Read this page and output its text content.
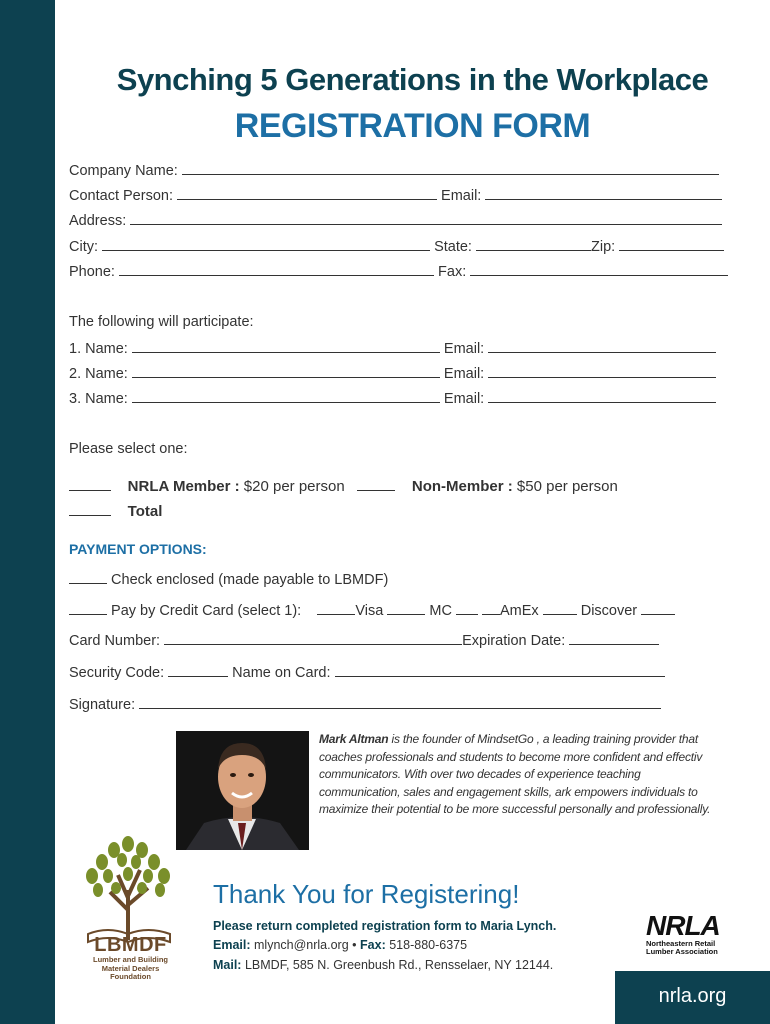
Synching 5 Generations in the Workplace
REGISTRATION FORM
Company Name:
Contact Person:	Email:
Address:
City:	State:	Zip:
Phone:	Fax:
The following will participate:
1. Name:	Email:
2. Name:	Email:
3. Name:	Email:
Please select one:
NRLA Member : $20 per person	Non-Member : $50 per person
Total
PAYMENT OPTIONS:
Check enclosed (made payable to LBMDF)
Pay by Credit Card (select 1):	Visa	MC	AmEx	Discover
Card Number:	Expiration Date:
Security Code:	Name on Card:
Signature:
Mark Altman is the founder of MindsetGo , a leading training provider that coaches professionals and students to become more confident and effectiv communicators. With over two decades of experience teaching communication, sales and engagement skills, ark empowers individuals to maximize their potential to be more successful personally and professionally.
LBMDF
Lumber and Building
Material Dealers
Foundation
Thank You for Registering!
Please return completed registration form to Maria Lynch.
Email: mlynch@nrla.org • Fax: 518-880-6375
Mail: LBMDF, 585 N. Greenbush Rd., Rensselaer, NY 12144.
NRLA
Northeastern Retail
Lumber Association
nrla.org
